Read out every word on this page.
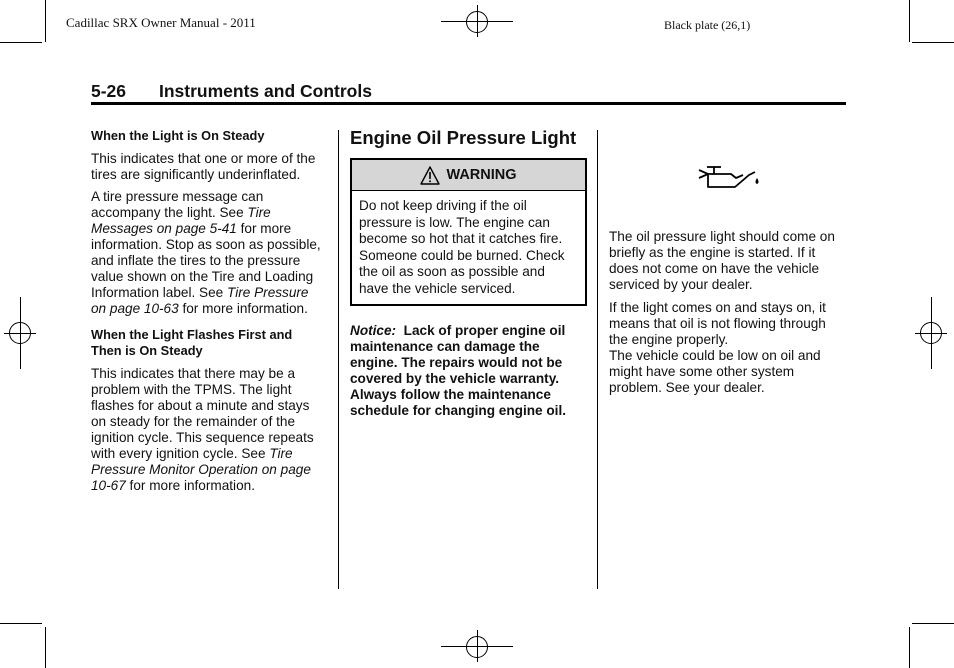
Cadillac SRX Owner Manual - 2011	Black plate (26,1)
5-26 Instruments and Controls
When the Light is On Steady

This indicates that one or more of the tires are significantly underinflated.

A tire pressure message can accompany the light. See Tire Messages on page 5-41 for more information. Stop as soon as possible, and inflate the tires to the pressure value shown on the Tire and Loading Information label. See Tire Pressure on page 10-63 for more information.

When the Light Flashes First and Then is On Steady

This indicates that there may be a problem with the TPMS. The light flashes for about a minute and stays on steady for the remainder of the ignition cycle. This sequence repeats with every ignition cycle. See Tire Pressure Monitor Operation on page 10-67 for more information.

Engine Oil Pressure Light
WARNING
Do not keep driving if the oil pressure is low. The engine can become so hot that it catches fire. Someone could be burned. Check the oil as soon as possible and have the vehicle serviced.
Notice: Lack of proper engine oil maintenance can damage the engine. The repairs would not be covered by the vehicle warranty. Always follow the maintenance schedule for changing engine oil.

The oil pressure light should come on briefly as the engine is started. If it does not come on have the vehicle serviced by your dealer.

If the light comes on and stays on, it means that oil is not flowing through the engine properly.

The vehicle could be low on oil and might have some other system problem. See your dealer.
